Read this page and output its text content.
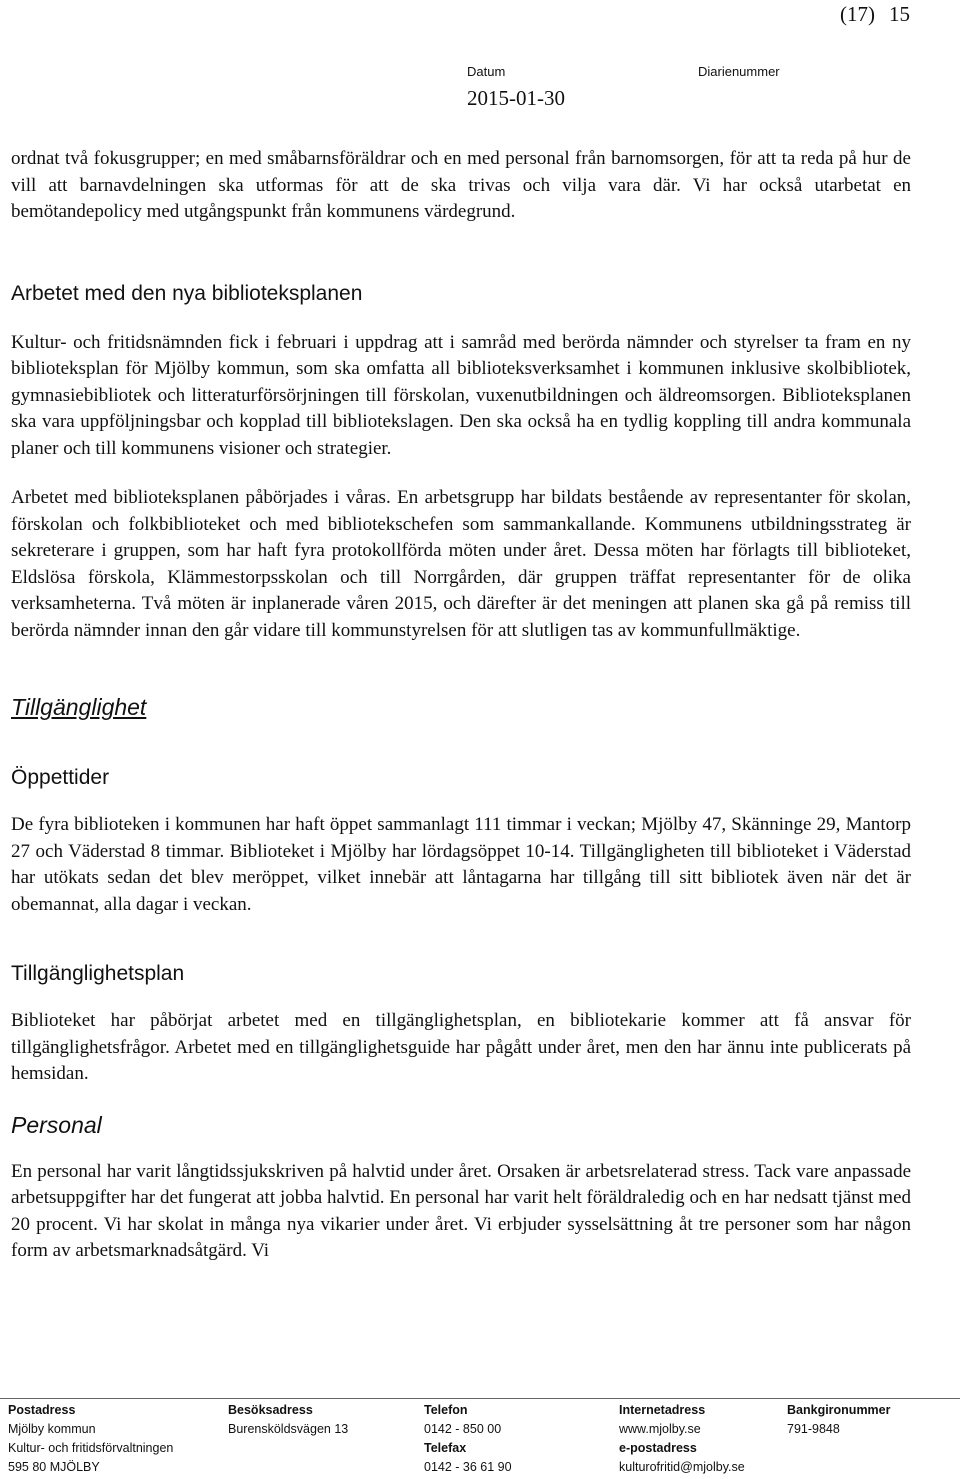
(17) 15
Datum	Diarienummer
2015-01-30

ordnat två fokusgrupper; en med småbarnsföräldrar och en med personal från barnomsorgen, för att ta reda på hur de vill att barnavdelningen ska utformas för att de ska trivas och vilja vara där. Vi har också utarbetat en bemötandepolicy med utgångspunkt från kommunens värdegrund.

Arbetet med den nya biblioteksplanen

Kultur- och fritidsnämnden fick i februari i uppdrag att i samråd med berörda nämnder och styrelser ta fram en ny biblioteksplan för Mjölby kommun, som ska omfatta all biblioteksverksamhet i kommunen inklusive skolbibliotek, gymnasiebibliotek och litteraturförsörjningen till förskolan, vuxenutbildningen och äldreomsorgen. Biblioteksplanen ska vara uppföljningsbar och kopplad till bibliotekslagen. Den ska också ha en tydlig koppling till andra kommunala planer och till kommunens visioner och strategier.

Arbetet med biblioteksplanen påbörjades i våras. En arbetsgrupp har bildats bestående av representanter för skolan, förskolan och folkbiblioteket och med bibliotekschefen som sammankallande. Kommunens utbildningsstrateg är sekreterare i gruppen, som har haft fyra protokollförda möten under året. Dessa möten har förlagts till biblioteket, Eldslösa förskola, Klämmestorpsskolan och till Norrgården, där gruppen träffat representanter för de olika verksamheterna. Två möten är inplanerade våren 2015, och därefter är det meningen att planen ska gå på remiss till berörda nämnder innan den går vidare till kommunstyrelsen för att slutligen tas av kommunfullmäktige.

Tillgänglighet
Öppettider

De fyra biblioteken i kommunen har haft öppet sammanlagt 111 timmar i veckan; Mjölby 47, Skänninge 29, Mantorp 27 och Väderstad 8 timmar. Biblioteket i Mjölby har lördagsöppet 10-14. Tillgängligheten till biblioteket i Väderstad har utökats sedan det blev meröppet, vilket innebär att låntagarna har tillgång till sitt bibliotek även när det är obemannat, alla dagar i veckan.

Tillgänglighetsplan

Biblioteket har påbörjat arbetet med en tillgänglighetsplan, en bibliotekarie kommer att få ansvar för tillgänglighetsfrågor. Arbetet med en tillgänglighetsguide har pågått under året, men den har ännu inte publicerats på hemsidan.

Personal

En personal har varit långtidssjukskriven på halvtid under året. Orsaken är arbetsrelaterad stress. Tack vare anpassade arbetsuppgifter har det fungerat att jobba halvtid. En personal har varit helt föräldraledig och en har nedsatt tjänst med 20 procent. Vi har skolat in många nya vikarier under året. Vi erbjuder sysselsättning åt tre personer som har någon form av arbetsmarknadsåtgärd. Vi

Postadress
Mjölby kommun
Kultur- och fritidsförvaltningen
595 80 MJÖLBY
Besöksadress
Burensköldsvägen 13
Telefon
0142 - 850 00
Telefax
0142 - 36 61 90
Internetadress
www.mjolby.se
e-postadress
kulturofritid@mjolby.se
Bankgironummer
791-9848
